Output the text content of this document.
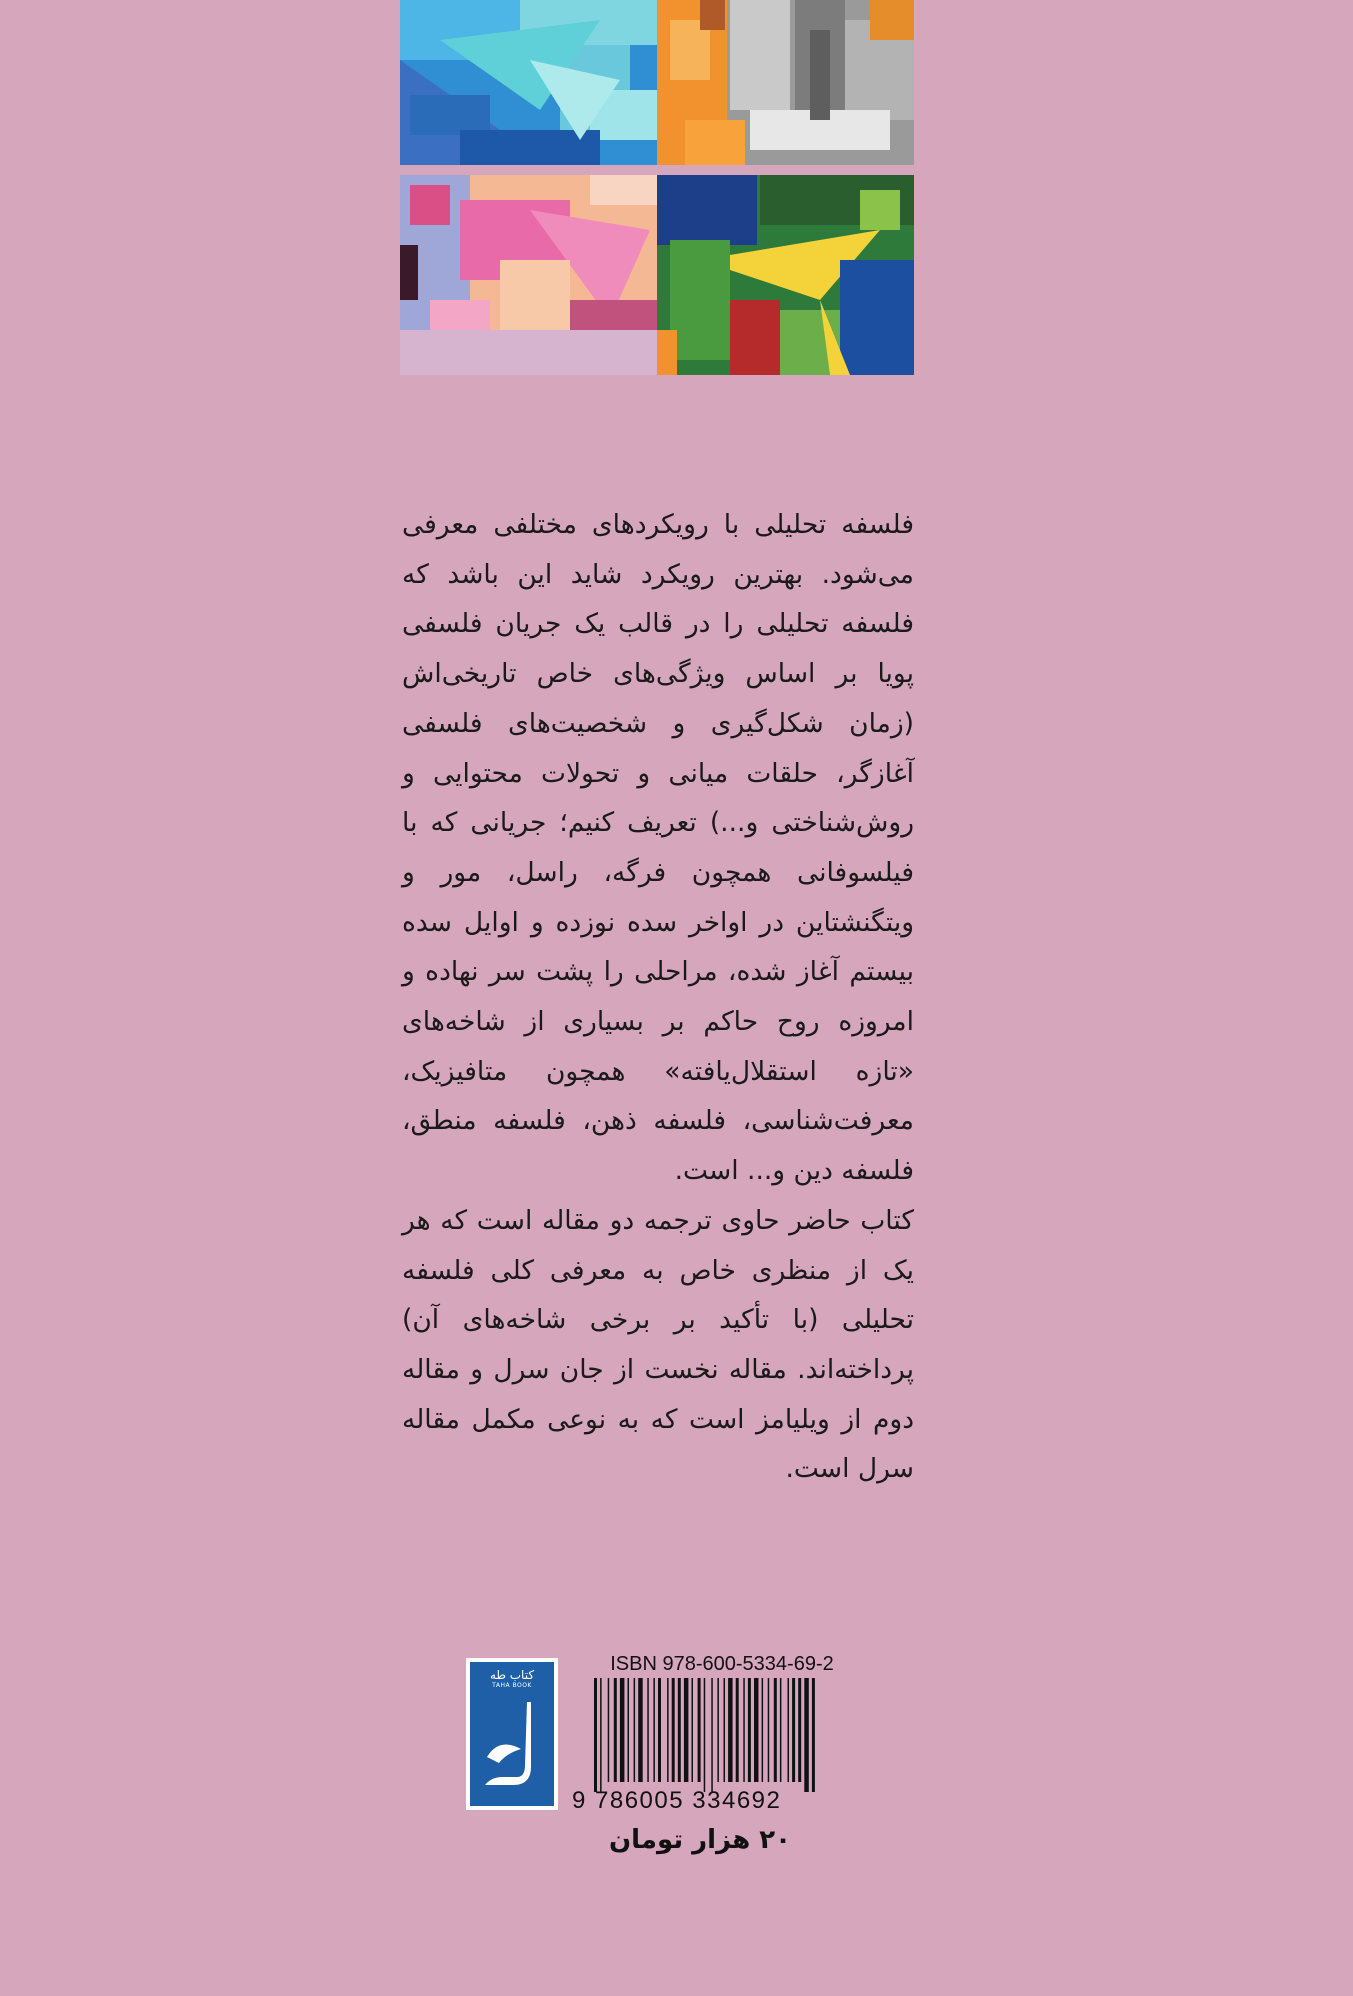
فلسفه تحلیلی با رویکردهای مختلفی معرفی می‌شود. بهترین رویکرد شاید این باشد که فلسفه تحلیلی را در قالب یک جریان فلسفی پویا بر اساس ویژگی‌های خاص تاریخی‌اش (زمان شکل‌گیری و شخصیت‌های فلسفی آغازگر، حلقات میانی و تحولات محتوایی و روش‌شناختی و...) تعریف کنیم؛ جریانی که با فیلسوفانی همچون فرگه، راسل، مور و ویتگنشتاین در اواخر سده نوزده و اوایل سده بیستم آغاز شده، مراحلی را پشت سر نهاده و امروزه روح حاکم بر بسیاری از شاخه‌های «تازه استقلال‌یافته» همچون متافیزیک، معرفت‌شناسی، فلسفه ذهن، فلسفه منطق، فلسفه دین و... است.

کتاب حاضر حاوی ترجمه دو مقاله است که هر یک از منظری خاص به معرفی کلی فلسفه تحلیلی (با تأکید بر برخی شاخه‌های آن) پرداخته‌اند. مقاله نخست از جان سرل و مقاله دوم از ویلیامز است که به نوعی مکمل مقاله سرل است.

کتاب طه
TAHA BOOK
ISBN 978-600-5334-69-2
9 786005 334692
۲۰ هزار تومان
